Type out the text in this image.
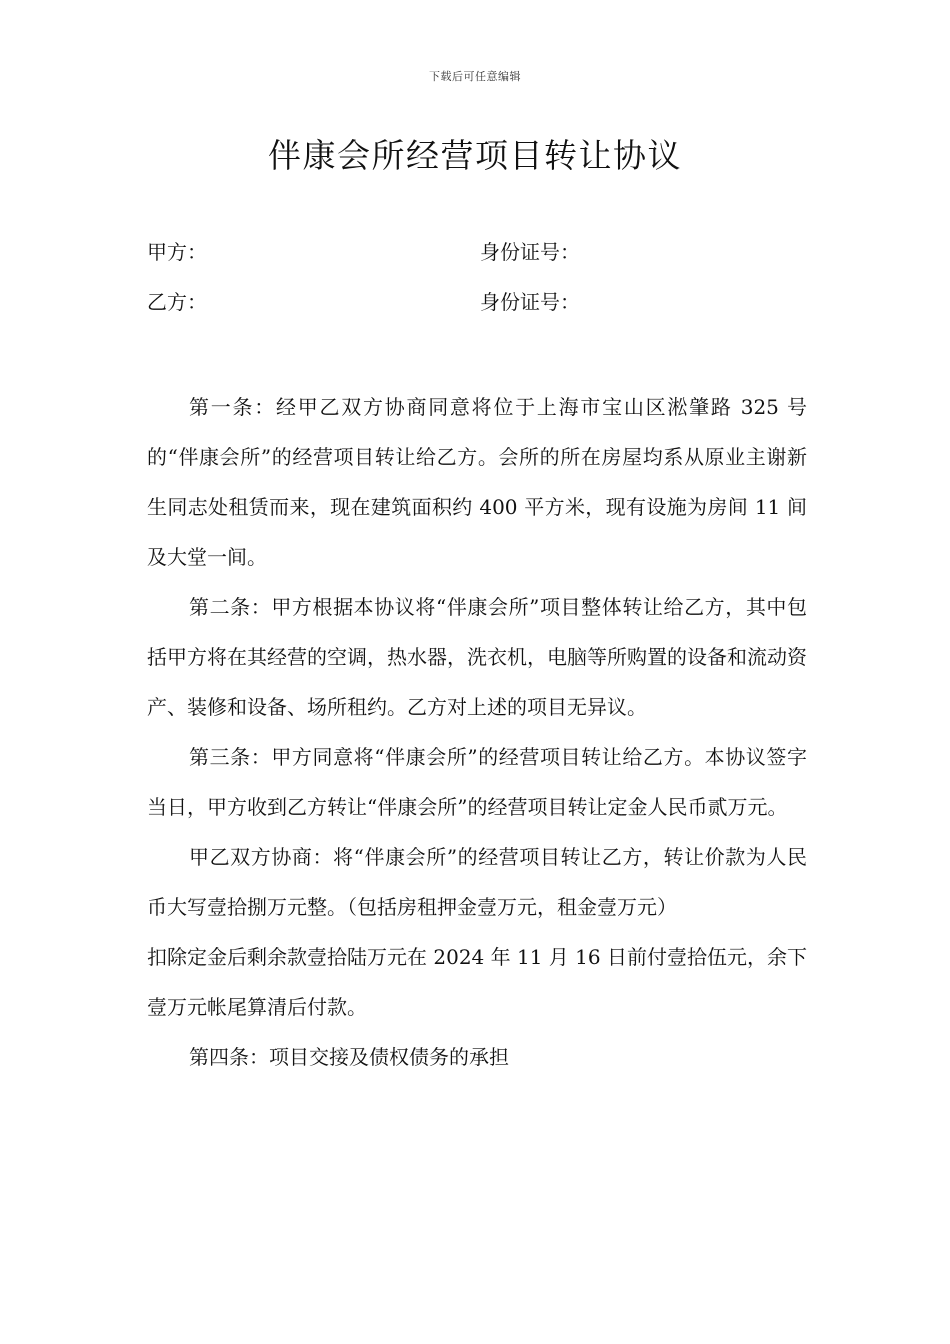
下载后可任意编辑
伴康会所经营项目转让协议
甲方：	身份证号：
乙方：	身份证号：

第一条：经甲乙双方协商同意将位于上海市宝山区淞肇路 325 号的“伴康会所”的经营项目转让给乙方。会所的所在房屋均系从原业主谢新生同志处租赁而来，现在建筑面积约 400 平方米，现有设施为房间 11 间及大堂一间。

第二条：甲方根据本协议将“伴康会所”项目整体转让给乙方，其中包括甲方将在其经营的空调，热水器，洗衣机，电脑等所购置的设备和流动资产、装修和设备、场所租约。乙方对上述的项目无异议。

第三条：甲方同意将“伴康会所”的经营项目转让给乙方。本协议签字当日，甲方收到乙方转让“伴康会所”的经营项目转让定金人民币贰万元。

甲乙双方协商：将“伴康会所”的经营项目转让乙方，转让价款为人民币大写壹拾捌万元整。（包括房租押金壹万元，租金壹万元）

扣除定金后剩余款壹拾陆万元在 2024 年 11 月 16 日前付壹拾伍元，余下壹万元帐尾算清后付款。

第四条：项目交接及债权债务的承担
